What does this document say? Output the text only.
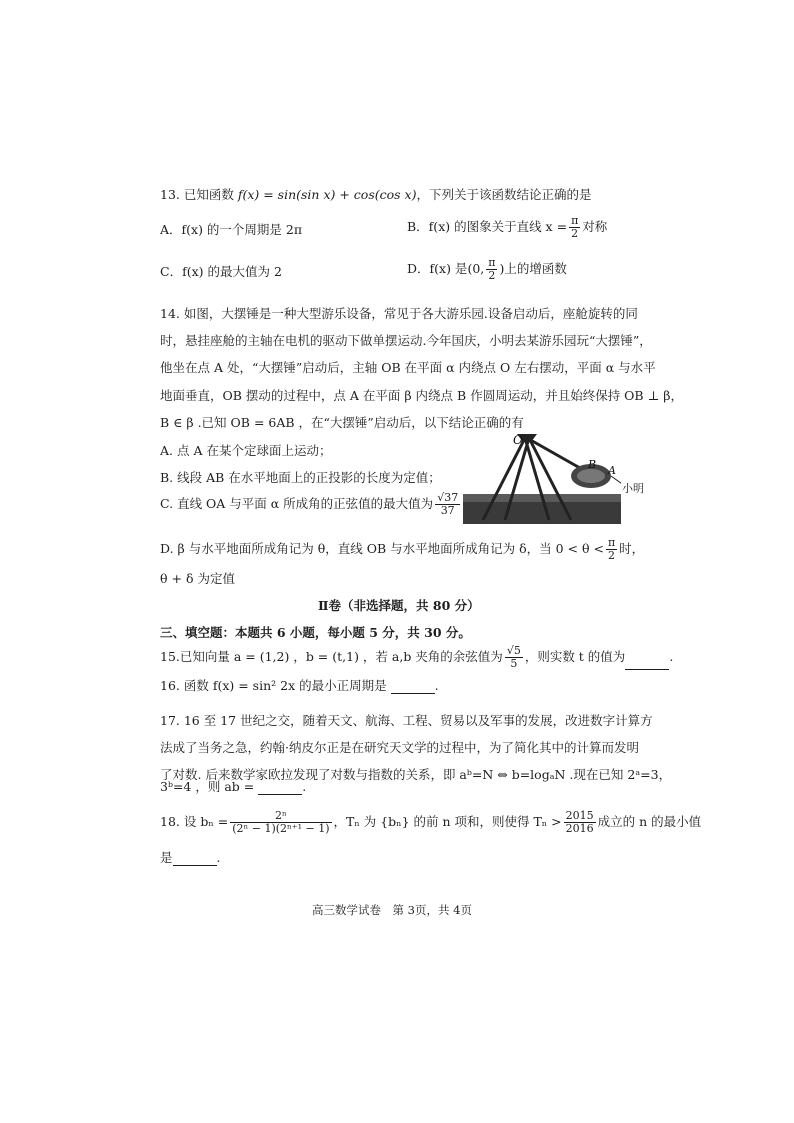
13. 已知函数 f(x) = sin(sin x) + cos(cos x)，下列关于该函数结论正确的是
A．f(x) 的一个周期是 2π	B．f(x) 的图象关于直线 $x = \frac{\pi}{2}$ 对称
C．f(x) 的最大值为 2	D．f(x) 是(0, $\frac{\pi}{2}$ )上的增函数
14. 如图，大摆锤是一种大型游乐设备，常见于各大游乐园.设备启动后，座舱旋转的同
时，悬挂座舱的主轴在电机的驱动下做单摆运动.今年国庆，小明去某游乐园玩“大摆锤”，
他坐在点 A 处，“大摆锤”启动后，主轴 OB 在平面 α 内绕点 O 左右摆动，平面 α 与水平
地面垂直，OB 摆动的过程中，点 A 在平面 β 内绕点 B 作圆周运动，并且始终保持 OB ⊥ β，
B ∈ β .已知 OB = 6AB ，在“大摆锤”启动后，以下结论正确的有
A. 点 A 在某个定球面上运动；
B. 线段 AB 在水平地面上的正投影的长度为定值；
C. 直线 OA 与平面 α 所成角的正弦值的最大值为 $\frac{√37}{37}$
D. β 与水平地面所成角记为 θ，直线 OB 与水平地面所成角记为 δ，当 $0 < \theta < \frac{\pi}{2}$ 时，
θ + δ 为定值
O
B A
小明
Ⅱ卷（非选择题，共 80 分）
三、填空题：本题共 6 小题，每小题 5 分，共 30 分。
15.已知向量 a = (1,2) ，b = (t,1) ，若 a,b 夹角的余弦值为 $\frac{√5}{5}$ ，则实数 t 的值为	.
16. 函数 f(x) = sin² 2x 的最小正周期是	.
17. 16 至 17 世纪之交，随着天文、航海、工程、贸易以及军事的发展，改进数字计算方
法成了当务之急，约翰·纳皮尔正是在研究天文学的过程中，为了简化其中的计算而发明
了对数. 后来数学家欧拉发现了对数与指数的关系，即 aᵇ=N ⇔ b=logₐN .现在已知 2ᵃ=3，
3ᵇ=4 ，则 ab =	.
18. 设 $b_n = \frac{\text{2ⁿ}}{\text{(2ⁿ − 1)(2ⁿ⁺¹ − 1)}}$ ，Tₙ 为 {bₙ} 的前 n 项和，则使得 $T_n > \frac{2015}{2016}$ 成立的 n 的最小值
是	.
高三数学试卷　第 3页，共 4页
